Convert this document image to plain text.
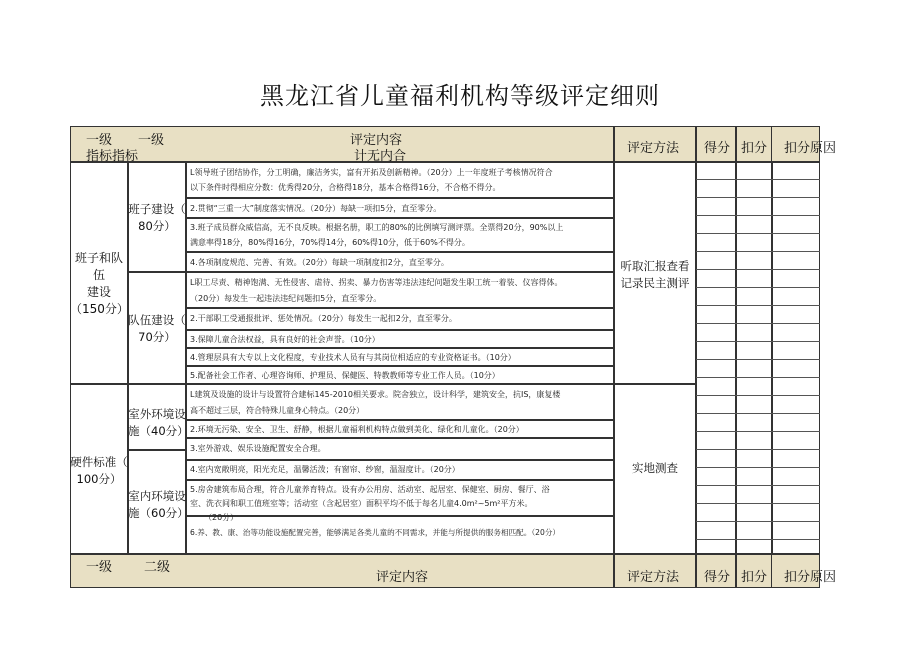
黑龙江省儿童福利机构等级评定细则
一级 一级
指标指标
评定内容
计无内合
评定方法 得分 扣分 扣分原因
班子和队伍
建设
（150分）
班子建设（
80分）
队伍建设（
70分）
L领导班子团结协作，分工明确，廉洁务实，富有开拓及创新精神。（20分）上一年度班子考核情况符合
以下条件时得相应分数：优秀得20分，合格得18分，基本合格得16分，不合格不得分。
2.贯彻“三重一大”制度落实情况。（20分）每缺一项扣5分，直至零分。
3.班子成员群众威信高，无不良反映。根据名册，职工的80%的比例填写测评票。全票得20分，90%以上
满意率得18分，80%得16分，70%得14分，60%得10分，低于60%不得分。
4.各项制度规范、完善、有效。（20分）每缺一项制度扣2分，直至零分。
L职工尽责、精神饱满、无性侵害、虐待、拐卖、暴力伤害等违法违纪问题发生职工统一着装、仪容得体。
（20分）每发生一起违法违纪问题扣5分，直至零分。
2.干部职工受通报批评、惩处情况。（20分）每发生一起扣2分，直至零分。
3.保障儿童合法权益，具有良好的社会声誉。（10分）
4.管理层具有大专以上文化程度，专业技术人员有与其岗位相适应的专业资格证书。（10分）
5.配备社会工作者、心理咨询师、护理员、保健医、特教教师等专业工作人员。（10分）
听取汇报查看
记录民主测评
硬件标准（
100分）
室外环境设
施（40分）
室内环境设
施（60分）
L建筑及设施的设计与设置符合建标145-2010相关要求。院舍独立，设计科学，建筑安全，抗IS，康复楼
高不超过三层，符合特殊儿童身心特点。（20分）
2.环境无污染、安全、卫生、舒静，根据儿童福利机构特点做到美化、绿化和儿童化。（20分）
3.室外游戏、娱乐设施配置安全合理。
4.室内宽敞明亮，阳光充足，温馨活泼；有窗帘、纱窗，温湿度计。（20分）
5.房舍建筑布局合理，符合儿童养育特点。设有办公用房、活动室、起居室、保健室、厨房、餐厅、浴
室、洗衣间和职工值班室等；活动室（含起居室）面积平均不低于每名儿童4.0m²~5m²平方米。
（20分）
6.养、教、康、治等功能设施配置完善，能够满足各类儿童的不同需求，并能与所提供的服务相匹配。（20分）
实地测查
一级 二级
评定内容	评定方法 得分 扣分 扣分原因
